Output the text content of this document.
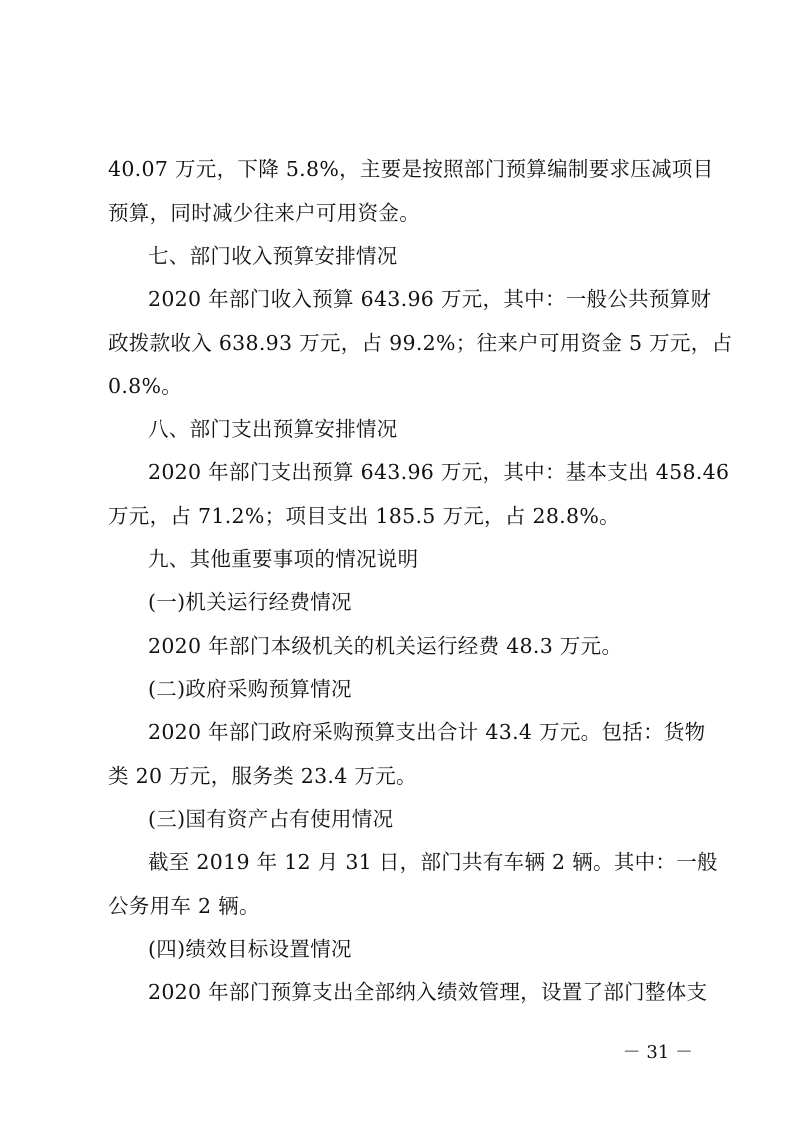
40.07 万元，下降 5.8%，主要是按照部门预算编制要求压减项目
预算，同时减少往来户可用资金。
七、部门收入预算安排情况
2020 年部门收入预算 643.96 万元，其中：一般公共预算财
政拨款收入 638.93 万元，占 99.2%；往来户可用资金 5 万元，占
0.8%。
八、部门支出预算安排情况
2020 年部门支出预算 643.96 万元，其中：基本支出 458.46
万元，占 71.2%；项目支出 185.5 万元，占 28.8%。
九、其他重要事项的情况说明
(一)机关运行经费情况
2020 年部门本级机关的机关运行经费 48.3 万元。
(二)政府采购预算情况
2020 年部门政府采购预算支出合计 43.4 万元。包括：货物
类 20 万元，服务类 23.4 万元。
(三)国有资产占有使用情况
截至 2019 年 12 月 31 日，部门共有车辆 2 辆。其中：一般
公务用车 2 辆。
(四)绩效目标设置情况
2020 年部门预算支出全部纳入绩效管理，设置了部门整体支
－ 31 －
